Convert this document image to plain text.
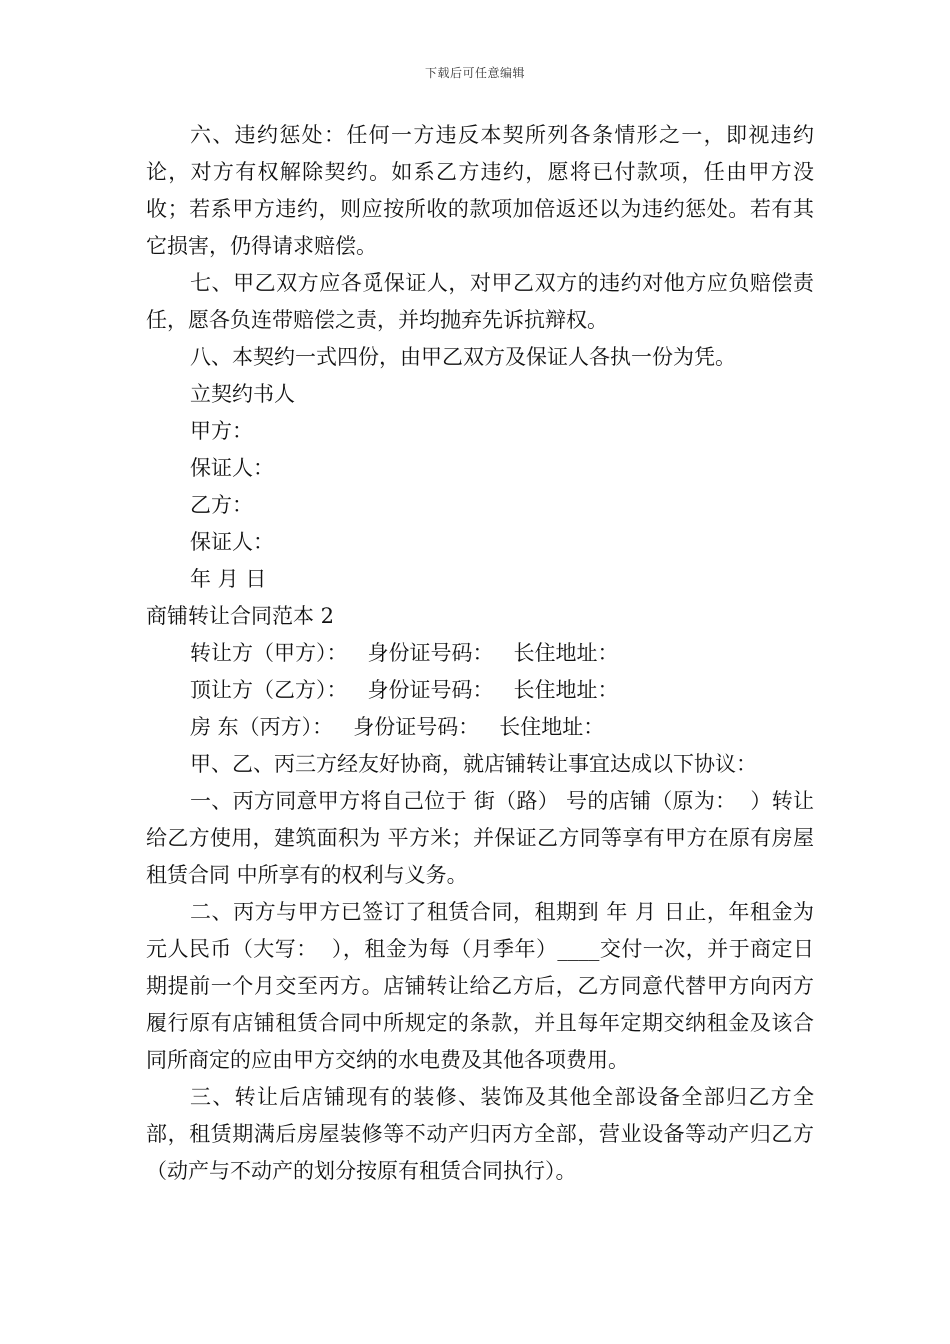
下载后可任意编辑

六、违约惩处：任何一方违反本契所列各条情形之一，即视违约论，对方有权解除契约。如系乙方违约，愿将已付款项，任由甲方没收；若系甲方违约，则应按所收的款项加倍返还以为违约惩处。若有其它损害，仍得请求赔偿。

七、甲乙双方应各觅保证人，对甲乙双方的违约对他方应负赔偿责任，愿各负连带赔偿之责，并均抛弃先诉抗辩权。

八、本契约一式四份，由甲乙双方及保证人各执一份为凭。

立契约书人

甲方：

保证人：

乙方：

保证人：

年 月 日

商铺转让合同范本 2

转让方（甲方）：   身份证号码：   长住地址：

顶让方（乙方）：   身份证号码：   长住地址：

房 东（丙方）：   身份证号码：   长住地址：

甲、乙、丙三方经友好协商，就店铺转让事宜达成以下协议：

一、丙方同意甲方将自己位于 街（路） 号的店铺（原为：  ）转让给乙方使用，建筑面积为 平方米；并保证乙方同等享有甲方在原有房屋租赁合同 中所享有的权利与义务。

二、丙方与甲方已签订了租赁合同，租期到 年 月 日止，年租金为 元人民币（大写：  ），租金为每（月季年）____交付一次，并于商定日期提前一个月交至丙方。店铺转让给乙方后，乙方同意代替甲方向丙方履行原有店铺租赁合同中所规定的条款，并且每年定期交纳租金及该合同所商定的应由甲方交纳的水电费及其他各项费用。

三、转让后店铺现有的装修、装饰及其他全部设备全部归乙方全部，租赁期满后房屋装修等不动产归丙方全部，营业设备等动产归乙方（动产与不动产的划分按原有租赁合同执行）。
